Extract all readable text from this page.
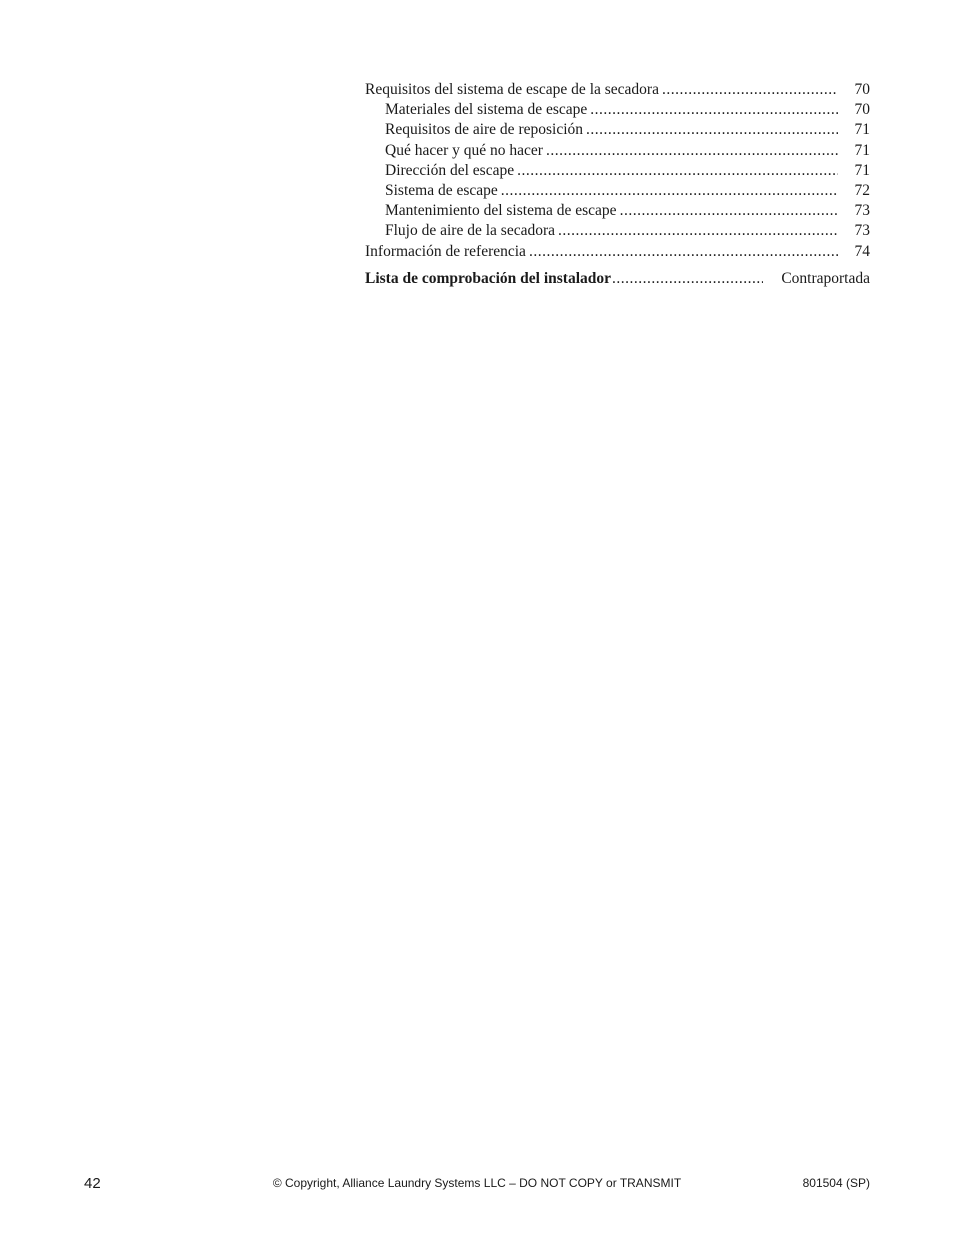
Requisitos del sistema de escape de la secadora .....	70
Materiales del sistema de escape .....	70
Requisitos de aire de reposición .....	71
Qué hacer y qué no hacer .....	71
Dirección del escape .....	71
Sistema de escape .....	72
Mantenimiento del sistema de escape .....	73
Flujo de aire de la secadora .....	73
Información de referencia .....	74
Lista de comprobación del instalador .....	Contraportada
42	© Copyright, Alliance Laundry Systems LLC – DO NOT COPY or TRANSMIT	801504 (SP)
